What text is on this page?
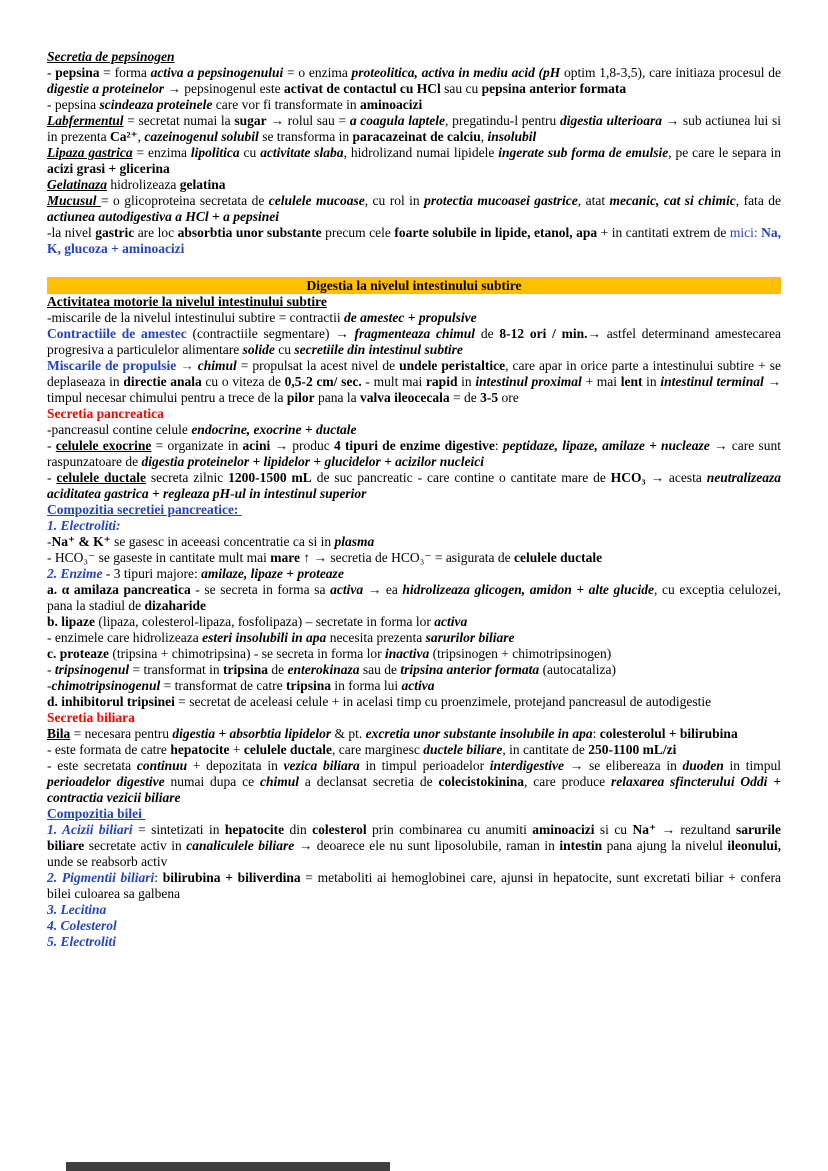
Secretia de pepsinogen
- pepsina = forma activa a pepsinogenului = o enzima proteolitica, activa in mediu acid (pH optim 1,8-3,5), care initiaza procesul de digestie a proteinelor → pepsinogenul este activat de contactul cu HCl sau cu pepsina anterior formata
- pepsina scindeaza proteinele care vor fi transformate in aminoacizi
Labfermentul = secretat numai la sugar → rolul sau = a coagula laptele, pregatindu-l pentru digestia ulterioara → sub actiunea lui si in prezenta Ca²⁺, cazeinogenul solubil se transforma in paracazeinat de calciu, insolubil
Lipaza gastrica = enzima lipolitica cu activitate slaba, hidrolizand numai lipidele ingerate sub forma de emulsie, pe care le separa in acizi grasi + glicerina
Gelatinaza hidrolizeaza gelatina
Mucusul = o glicoproteina secretata de celulele mucoase, cu rol in protectia mucoasei gastrice, atat mecanic, cat si chimic, fata de actiunea autodigestiva a HCl + a pepsinei
-la nivel gastric are loc absorbtia unor substante precum cele foarte solubile in lipide, etanol, apa + in cantitati extrem de mici: Na, K, glucoza + aminoacizi
Digestia la nivelul intestinului subtire
Activitatea motorie la nivelul intestinului subtire
-miscarile de la nivelul intestinului subtire = contractii de amestec + propulsive
Contractiile de amestec (contractiile segmentare) → fragmenteaza chimul de 8-12 ori / min.→ astfel determinand amestecarea progresiva a particulelor alimentare solide cu secretiile din intestinul subtire
Miscarile de propulsie → chimul = propulsat la acest nivel de undele peristaltice, care apar in orice parte a intestinului subtire + se deplaseaza in directie anala cu o viteza de 0,5-2 cm/ sec. - mult mai rapid in intestinul proximal + mai lent in intestinul terminal → timpul necesar chimului pentru a trece de la pilor pana la valva ileocecala = de 3-5 ore
Secretia pancreatica
-pancreasul contine celule endocrine, exocrine + ductale
- celulele exocrine = organizate in acini → produc 4 tipuri de enzime digestive: peptidaze, lipaze, amilaze + nucleaze → care sunt raspunzatoare de digestia proteinelor + lipidelor + glucidelor + acizilor nucleici
- celulele ductale secreta zilnic 1200-1500 mL de suc pancreatic - care contine o cantitate mare de HCO₃ → acesta neutralizeaza aciditatea gastrica + regleaza pH-ul in intestinul superior
Compozitia secretiei pancreatice:
1. Electroliti:
-Na⁺ & K⁺ se gasesc in aceeasi concentratie ca si in plasma
- HCO₃⁻ se gaseste in cantitate mult mai mare ↑ → secretia de HCO₃⁻ = asigurata de celulele ductale
2. Enzime - 3 tipuri majore: amilaze, lipaze + proteaze
a. α amilaza pancreatica - se secreta in forma sa activa → ea hidrolizeaza glicogen, amidon + alte glucide, cu exceptia celulozei, pana la stadiul de dizaharide
b. lipaze (lipaza, colesterol-lipaza, fosfolipaza) – secretate in forma lor activa
- enzimele care hidrolizeaza esteri insolubili in apa necesita prezenta sarurilor biliare
c. proteaze (tripsina + chimotripsina) - se secreta in forma lor inactiva (tripsinogen + chimotripsinogen)
- tripsinogenul = transformat in tripsina de enterokinaza sau de tripsina anterior formata (autocataliza)
-chimotripsinogenul = transformat de catre tripsina in forma lui activa
d. inhibitorul tripsinei = secretat de aceleasi celule + in acelasi timp cu proenzimele, protejand pancreasul de autodigestie
Secretia biliara
Bila = necesara pentru digestia + absorbtia lipidelor & pt. excretia unor substante insolubile in apa: colesterolul + bilirubina
- este formata de catre hepatocite + celulele ductale, care marginesc ductele biliare, in cantitate de 250-1100 mL/zi
- este secretata continuu + depozitata in vezica biliara in timpul perioadelor interdigestive → se elibereaza in duoden in timpul perioadelor digestive numai dupa ce chimul a declansat secretia de colecistokinina, care produce relaxarea sfincterului Oddi + contractia vezicii biliare
Compozitia bilei
1. Acizii biliari = sintetizati in hepatocite din colesterol prin combinarea cu anumiti aminoacizi si cu Na⁺ → rezultand sarurile biliare secretate activ in canaliculele biliare → deoarece ele nu sunt liposolubile, raman in intestin pana ajung la nivelul ileonului, unde se reabsorb activ
2. Pigmentii biliari: bilirubina + biliverdina = metaboliti ai hemoglobinei care, ajunsi in hepatocite, sunt excretati biliar + confera bilei culoarea sa galbena
3. Lecitina
4. Colesterol
5. Electroliti
